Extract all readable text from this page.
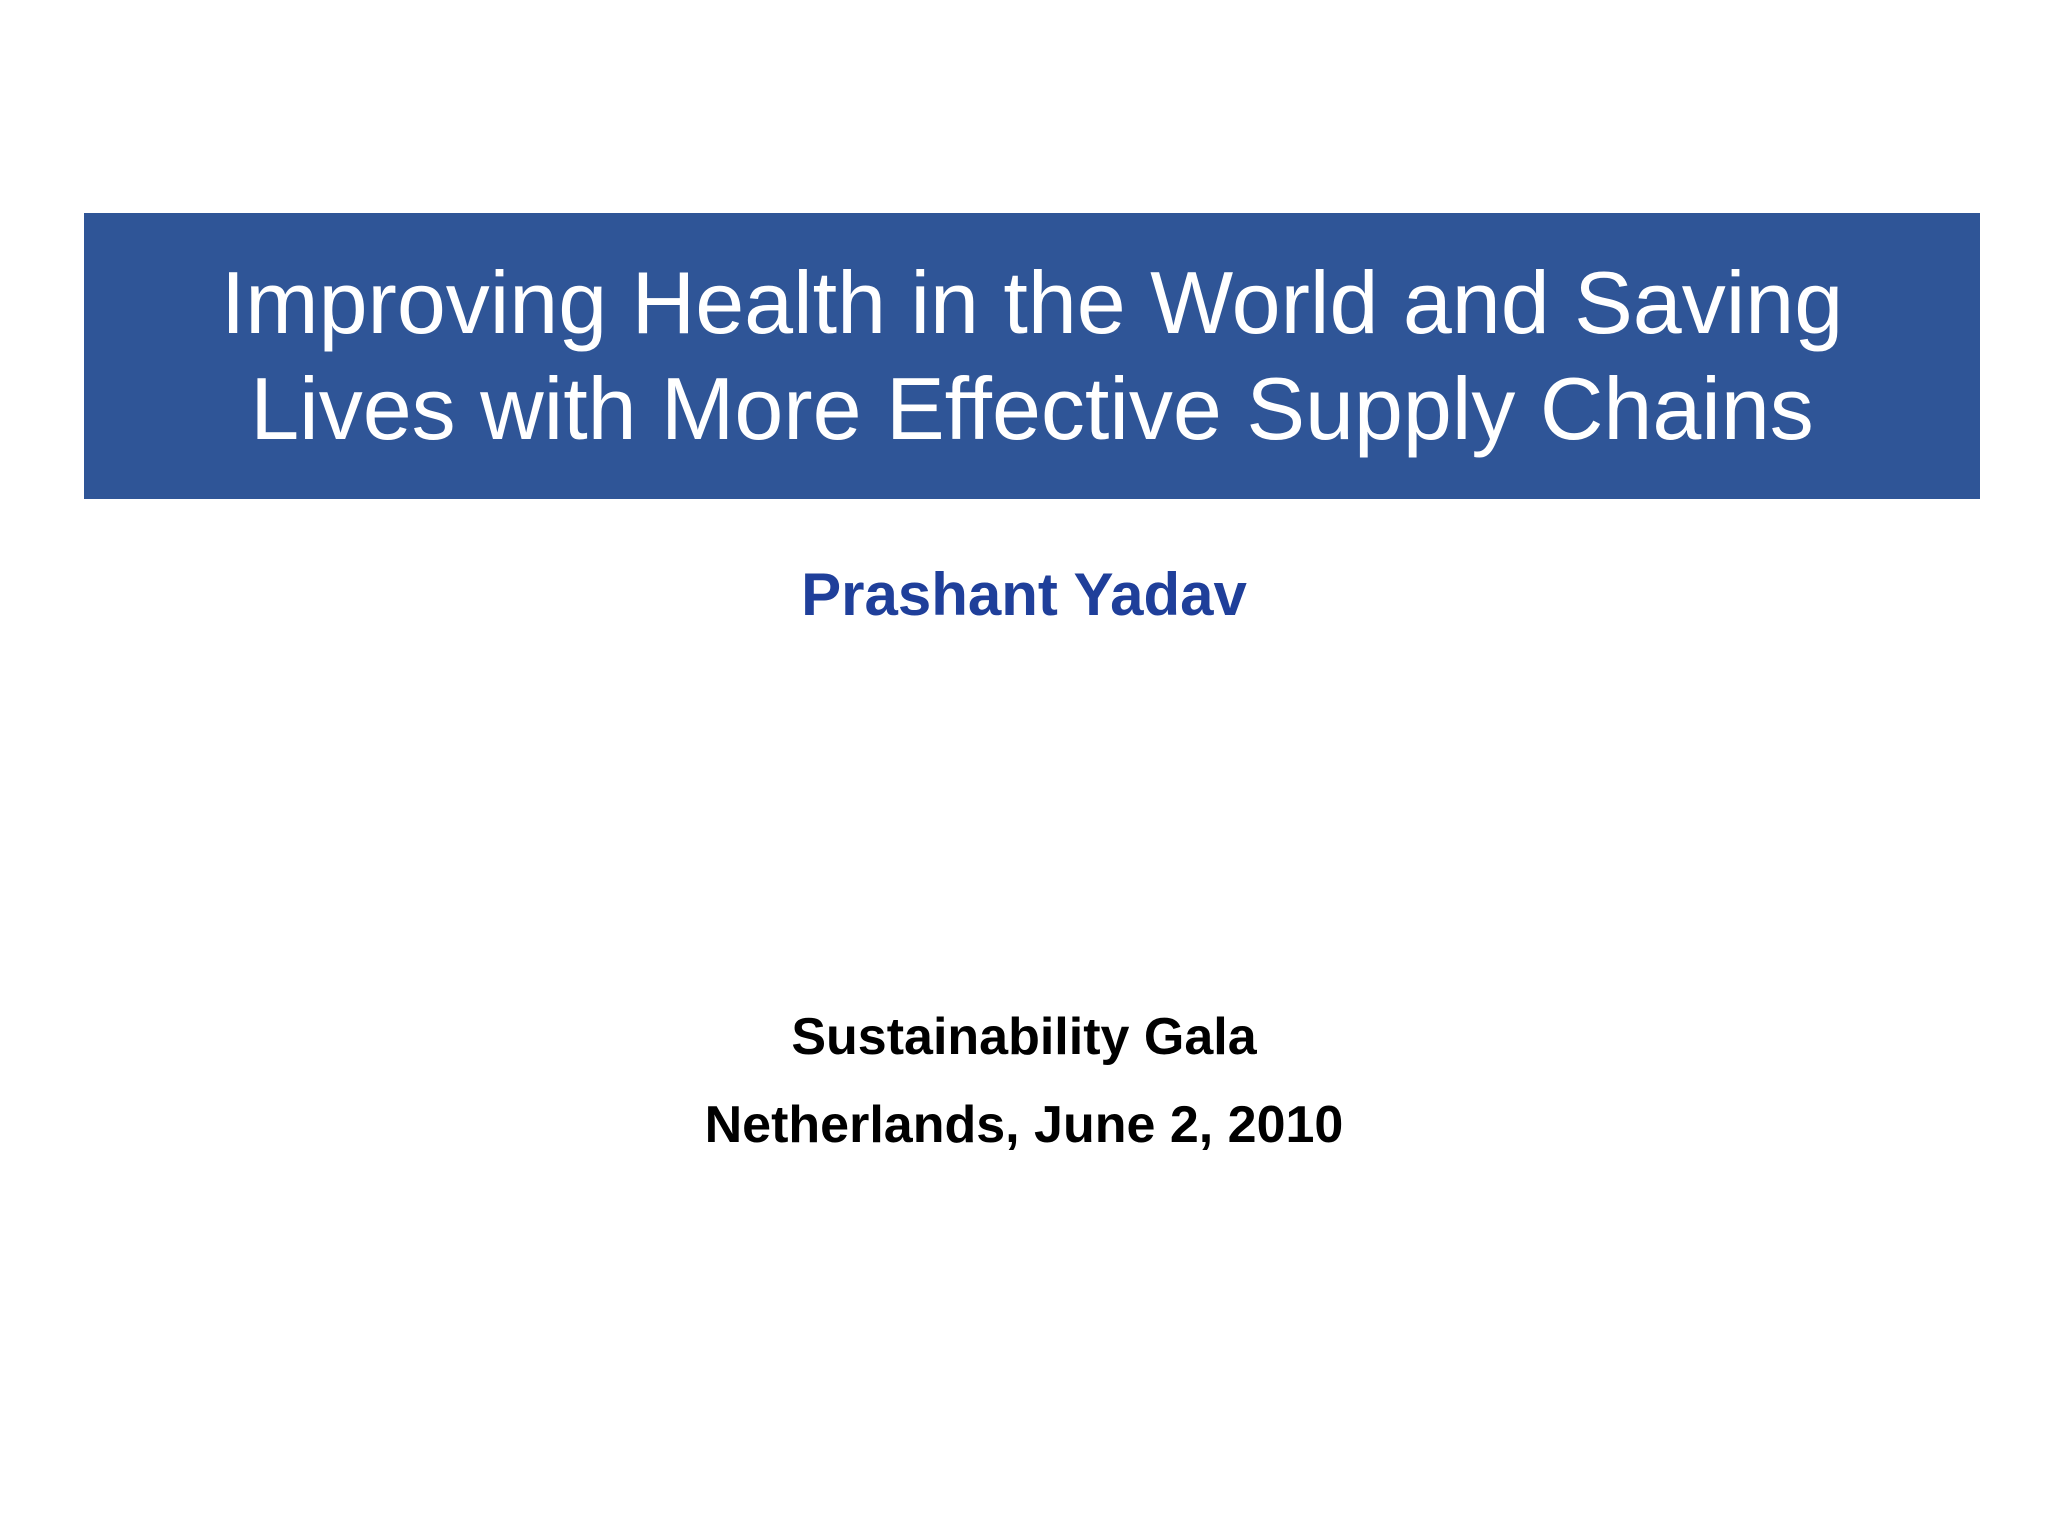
Improving Health in the World and Saving
Lives with More Effective Supply Chains
Prashant Yadav
Sustainability Gala
Netherlands, June 2, 2010
